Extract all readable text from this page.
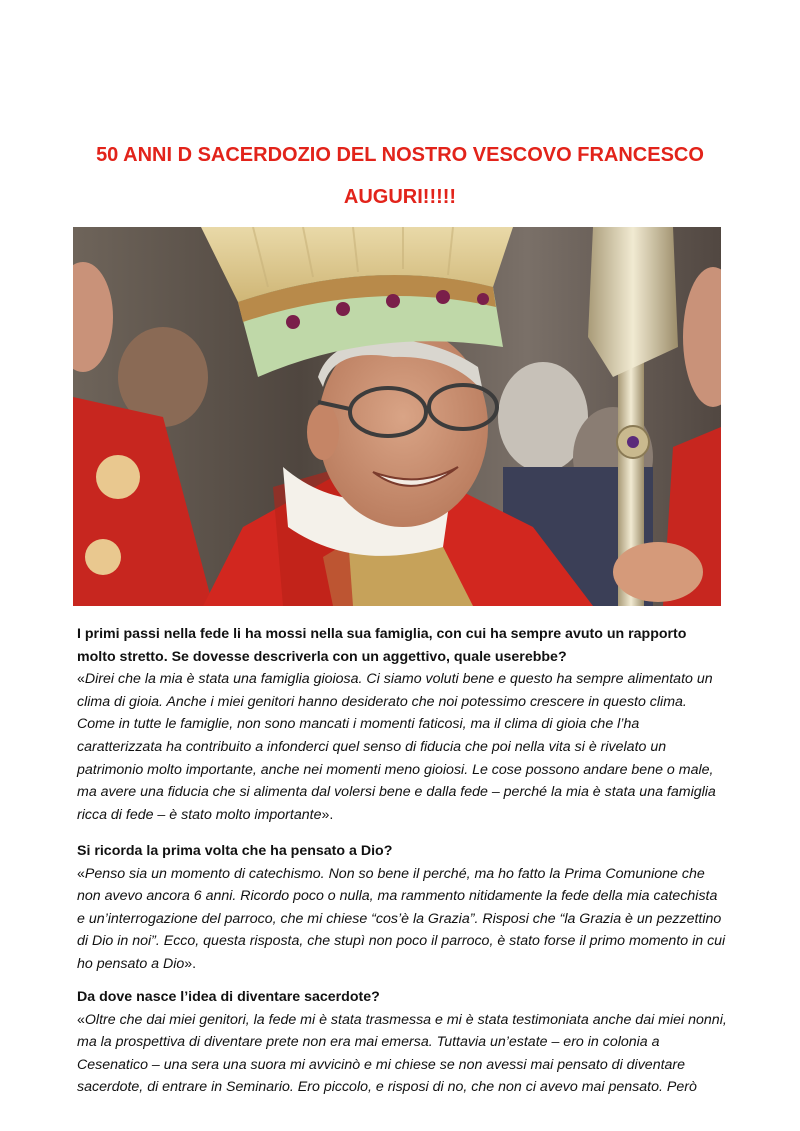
50 ANNI D SACERDOZIO DEL NOSTRO VESCOVO FRANCESCO
AUGURI!!!!!

I primi passi nella fede li ha mossi nella sua famiglia, con cui ha sempre avuto un rapporto molto stretto. Se dovesse descriverla con un aggettivo, quale userebbe?

«Direi che la mia è stata una famiglia gioiosa. Ci siamo voluti bene e questo ha sempre alimentato un clima di gioia. Anche i miei genitori hanno desiderato che noi potessimo crescere in questo clima. Come in tutte le famiglie, non sono mancati i momenti faticosi, ma il clima di gioia che l’ha caratterizzata ha contribuito a infonderci quel senso di fiducia che poi nella vita si è rivelato un patrimonio molto importante, anche nei momenti meno gioiosi. Le cose possono andare bene o male, ma avere una fiducia che si alimenta dal volersi bene e dalla fede – perché la mia è stata una famiglia ricca di fede – è stato molto importante».

Si ricorda la prima volta che ha pensato a Dio?

«Penso sia un momento di catechismo. Non so bene il perché, ma ho fatto la Prima Comunione che non avevo ancora 6 anni. Ricordo poco o nulla, ma rammento nitidamente la fede della mia catechista e un’interrogazione del parroco, che mi chiese “cos’è la Grazia”. Risposi che “la Grazia è un pezzettino di Dio in noi”. Ecco, questa risposta, che stupì non poco il parroco, è stato forse il primo momento in cui ho pensato a Dio».

Da dove nasce l’idea di diventare sacerdote?

«Oltre che dai miei genitori, la fede mi è stata trasmessa e mi è stata testimoniata anche dai miei nonni, ma la prospettiva di diventare prete non era mai emersa. Tuttavia un’estate – ero in colonia a Cesenatico – una sera una suora mi avvicinò e mi chiese se non avessi mai pensato di diventare sacerdote, di entrare in Seminario. Ero piccolo, e risposi di no, che non ci avevo mai pensato. Però
